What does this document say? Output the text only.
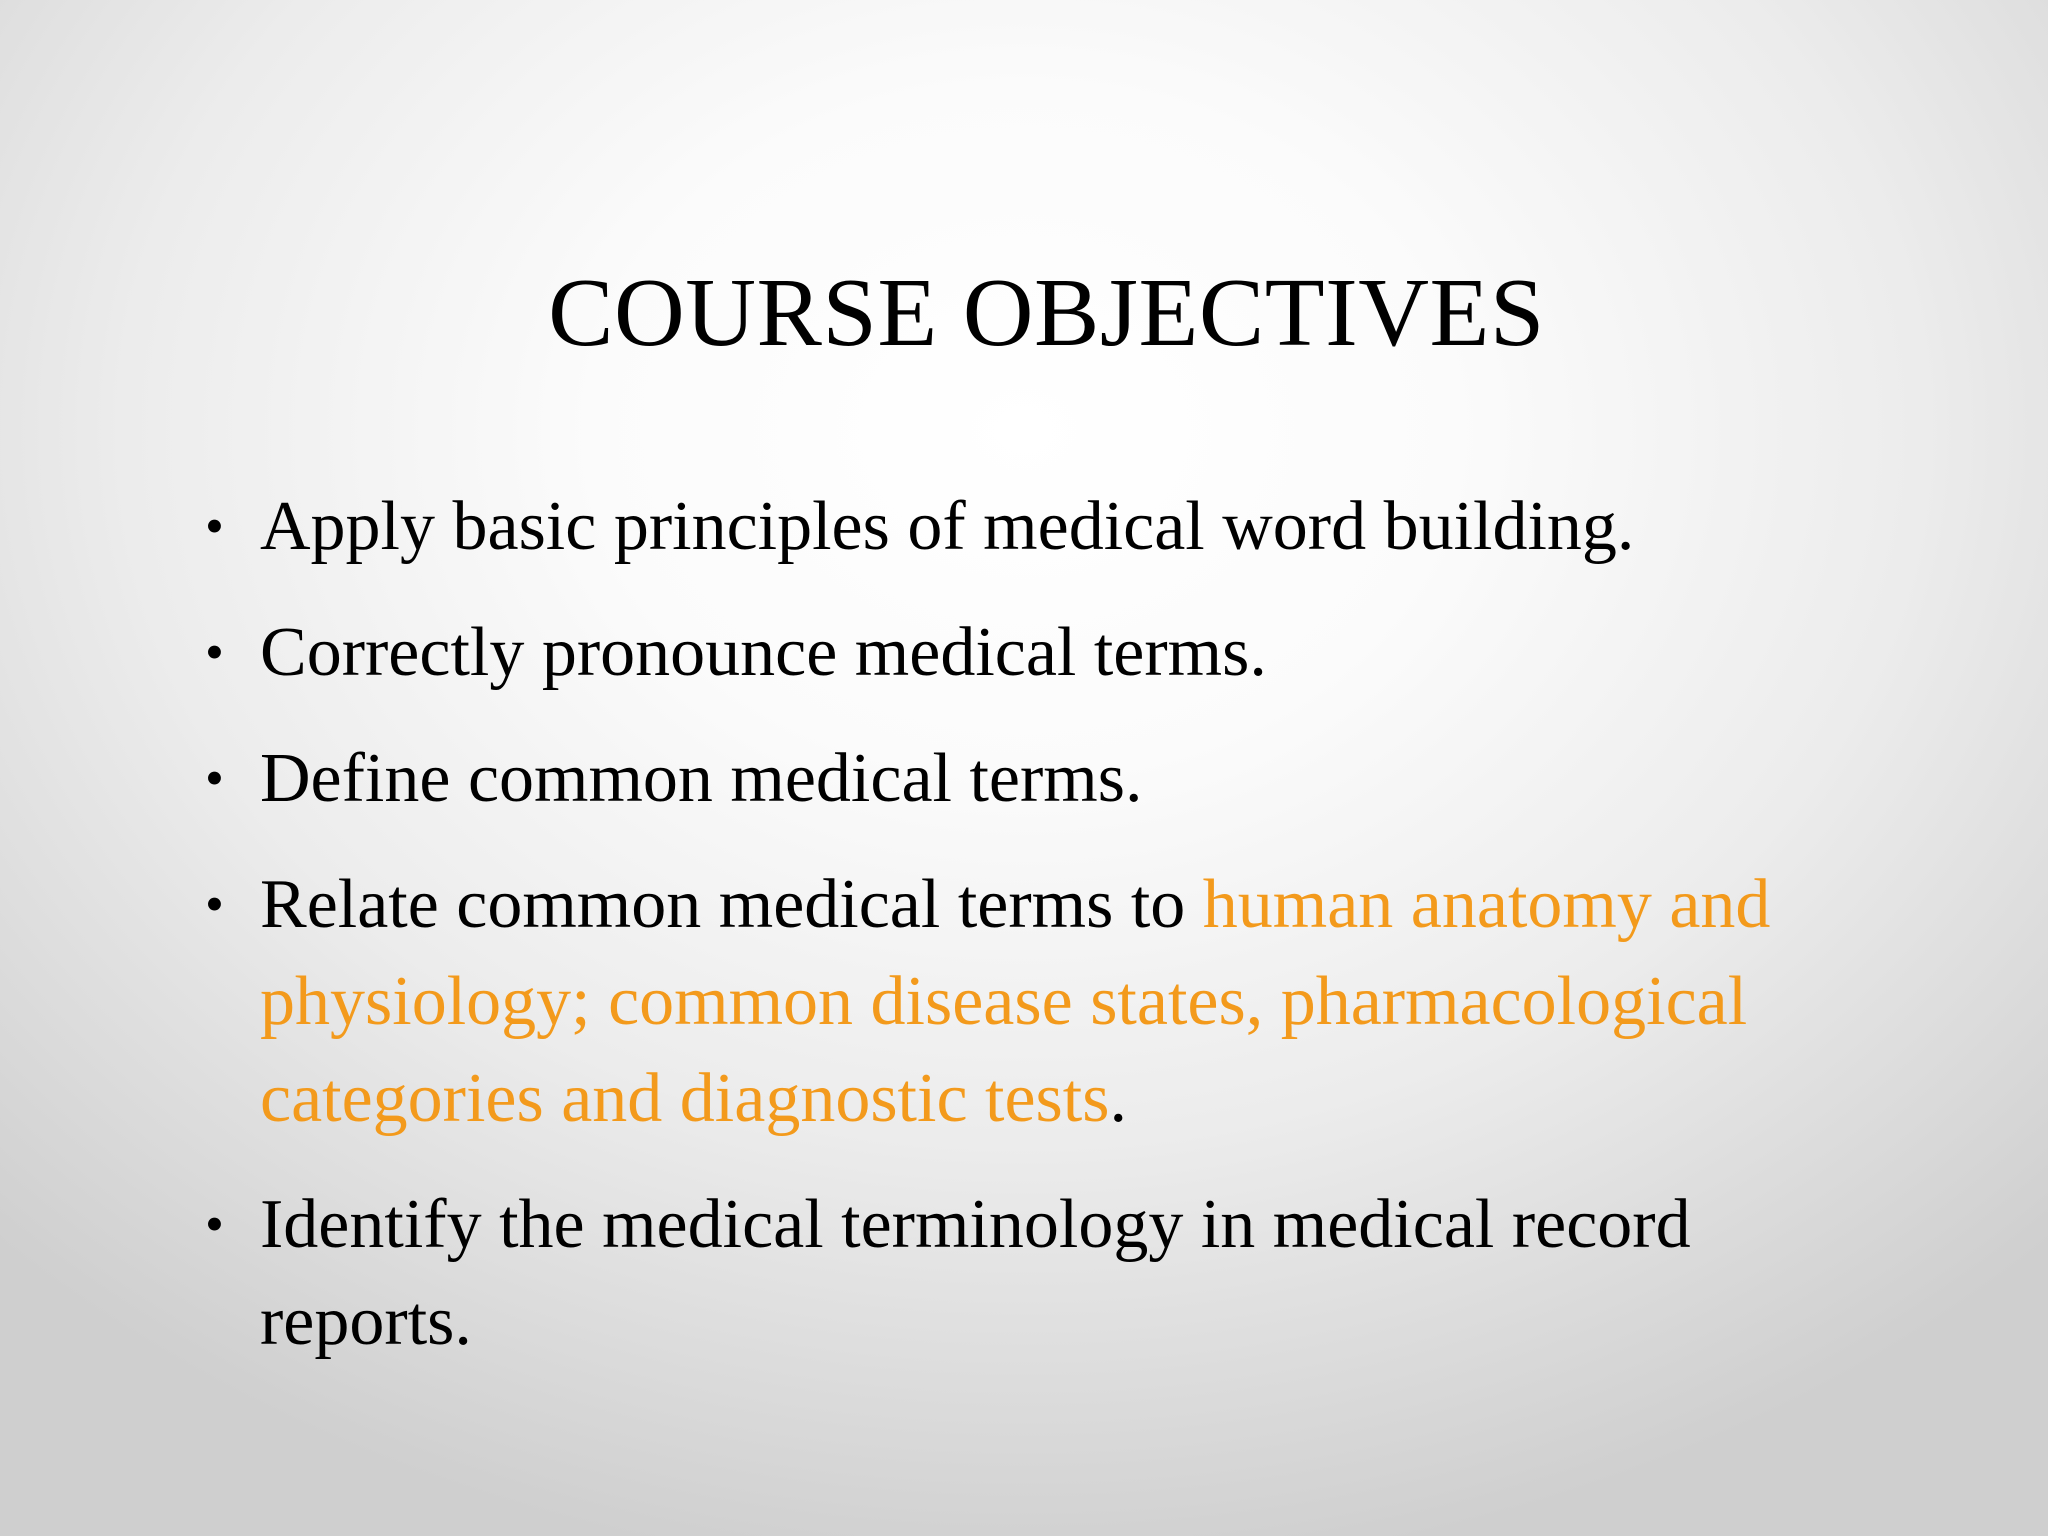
COURSE OBJECTIVES
• Apply basic principles of medical word building.
• Correctly pronounce medical terms.
• Define common medical terms.
• Relate common medical terms to human anatomy and physiology; common disease states, pharmacological categories and diagnostic tests.
• Identify the medical terminology in medical record reports.
